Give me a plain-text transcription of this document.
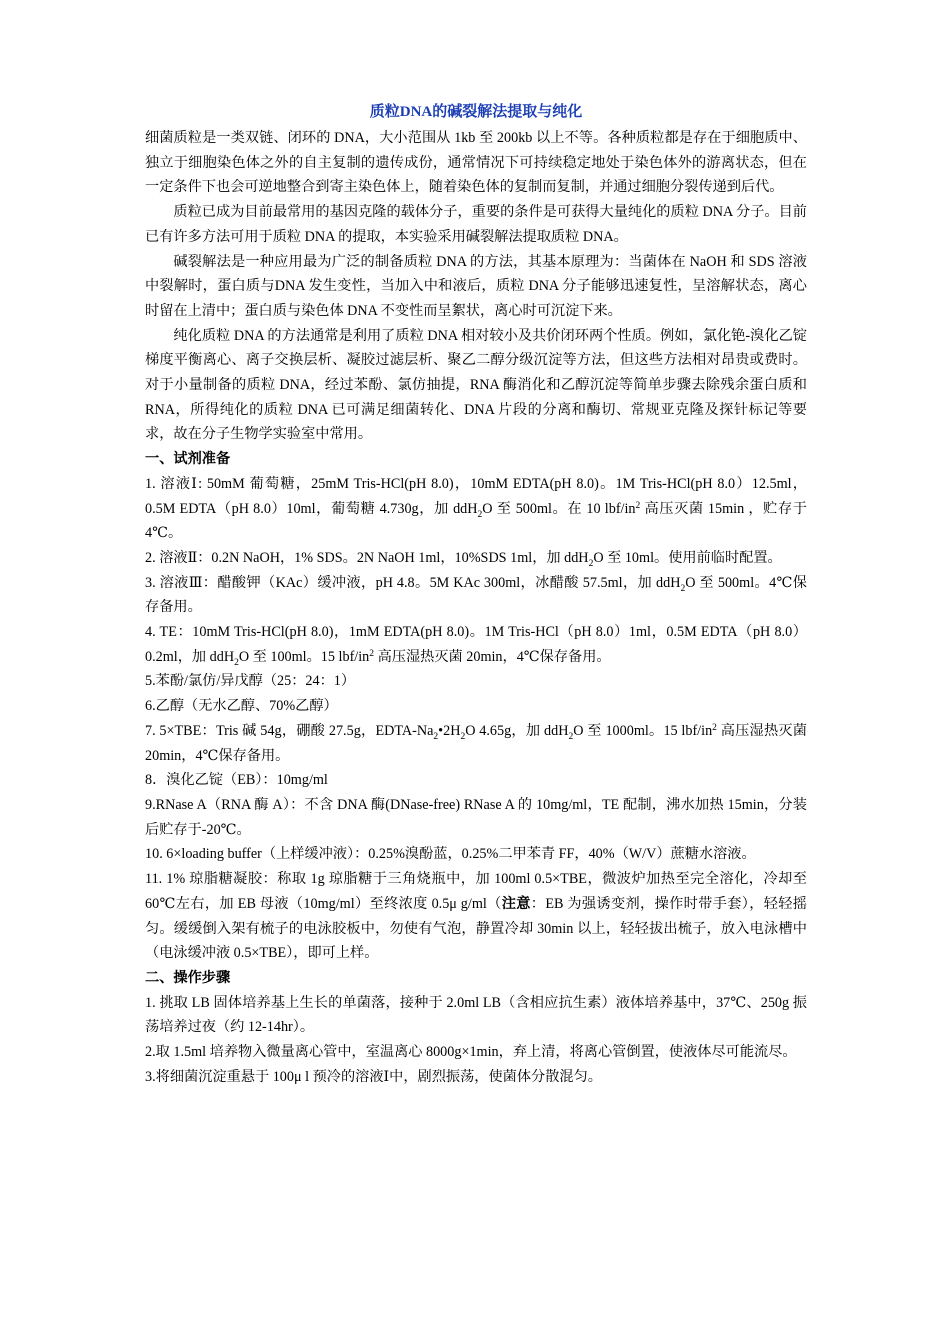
质粒DNA的碱裂解法提取与纯化

细菌质粒是一类双链、闭环的 DNA，大小范围从 1kb 至 200kb 以上不等。各种质粒都是存在于细胞质中、独立于细胞染色体之外的自主复制的遗传成份，通常情况下可持续稳定地处于染色体外的游离状态，但在一定条件下也会可逆地整合到寄主染色体上，随着染色体的复制而复制，并通过细胞分裂传递到后代。

质粒已成为目前最常用的基因克隆的载体分子，重要的条件是可获得大量纯化的质粒 DNA 分子。目前已有许多方法可用于质粒 DNA 的提取，本实验采用碱裂解法提取质粒 DNA。

碱裂解法是一种应用最为广泛的制备质粒 DNA 的方法，其基本原理为：当菌体在 NaOH 和 SDS 溶液中裂解时，蛋白质与DNA 发生变性，当加入中和液后，质粒 DNA 分子能够迅速复性，呈溶解状态，离心时留在上清中；蛋白质与染色体 DNA 不变性而呈絮状，离心时可沉淀下来。

纯化质粒 DNA 的方法通常是利用了质粒 DNA 相对较小及共价闭环两个性质。例如，氯化铯-溴化乙锭梯度平衡离心、离子交换层析、凝胶过滤层析、聚乙二醇分级沉淀等方法，但这些方法相对昂贵或费时。对于小量制备的质粒 DNA，经过苯酚、氯仿抽提，RNA 酶消化和乙醇沉淀等简单步骤去除残余蛋白质和 RNA，所得纯化的质粒 DNA 已可满足细菌转化、DNA 片段的分离和酶切、常规亚克隆及探针标记等要求，故在分子生物学实验室中常用。

一、试剂准备

1. 溶液Ⅰ: 50mM 葡萄糖，25mM Tris-HCl(pH 8.0)，10mM EDTA(pH 8.0)。1M Tris-HCl(pH 8.0）12.5ml，0.5M EDTA（pH 8.0）10ml，葡萄糖 4.730g，加 ddH$_2$O 至 500ml。在 10 lbf/$in^2$ 高压灭菌 15min ，贮存于 4℃。

2. 溶液Ⅱ：0.2N NaOH，1% SDS。2N NaOH 1ml，10%SDS 1ml，加 ddH$_2$O 至 10ml。使用前临时配置。

3. 溶液Ⅲ：醋酸钾（KAc）缓冲液，pH 4.8。5M KAc 300ml，冰醋酸 57.5ml，加 ddH$_2$O 至 500ml。4℃保存备用。

4. TE：10mM Tris-HCl(pH 8.0)，1mM EDTA(pH 8.0)。1M Tris-HCl（pH 8.0）1ml，0.5M EDTA（pH 8.0）0.2ml，加 ddH$_2$O 至 100ml。15 lbf/$in^2$ 高压湿热灭菌 20min，4℃保存备用。

5.苯酚/氯仿/异戊醇（25：24：1）

6.乙醇（无水乙醇、70%乙醇）

7. 5×TBE：Tris 碱 54g，硼酸 27.5g，EDTA-$Na_2•2H_2O$ 4.65g，加 ddH$_2$O 至 1000ml。15 lbf/$in^2$ 高压湿热灭菌 20min，4℃保存备用。

8．溴化乙锭（EB）：10mg/ml

9.RNase A（RNA 酶 A）：不含 DNA 酶(DNase-free) RNase A 的 10mg/ml，TE 配制，沸水加热 15min，分装后贮存于-20℃。

10. 6×loading buffer（上样缓冲液）：0.25%溴酚蓝，0.25%二甲苯青 FF，40%（W/V）蔗糖水溶液。

11. 1% 琼脂糖凝胶：称取 1g 琼脂糖于三角烧瓶中，加 100ml 0.5×TBE，微波炉加热至完全溶化，冷却至 60℃左右，加 EB 母液（10mg/ml）至终浓度 0.5μ g/ml（注意：EB 为强诱变剂，操作时带手套），轻轻摇匀。缓缓倒入架有梳子的电泳胶板中，勿使有气泡，静置冷却 30min 以上，轻轻拔出梳子，放入电泳槽中（电泳缓冲液 0.5×TBE），即可上样。

二、操作步骤

1. 挑取 LB 固体培养基上生长的单菌落，接种于 2.0ml LB（含相应抗生素）液体培养基中，37℃、250g 振荡培养过夜（约 12-14hr）。

2.取 1.5ml 培养物入微量离心管中，室温离心 8000g×1min，弃上清，将离心管倒置，使液体尽可能流尽。

3.将细菌沉淀重悬于 100μ l 预冷的溶液Ⅰ中，剧烈振荡，使菌体分散混匀。
